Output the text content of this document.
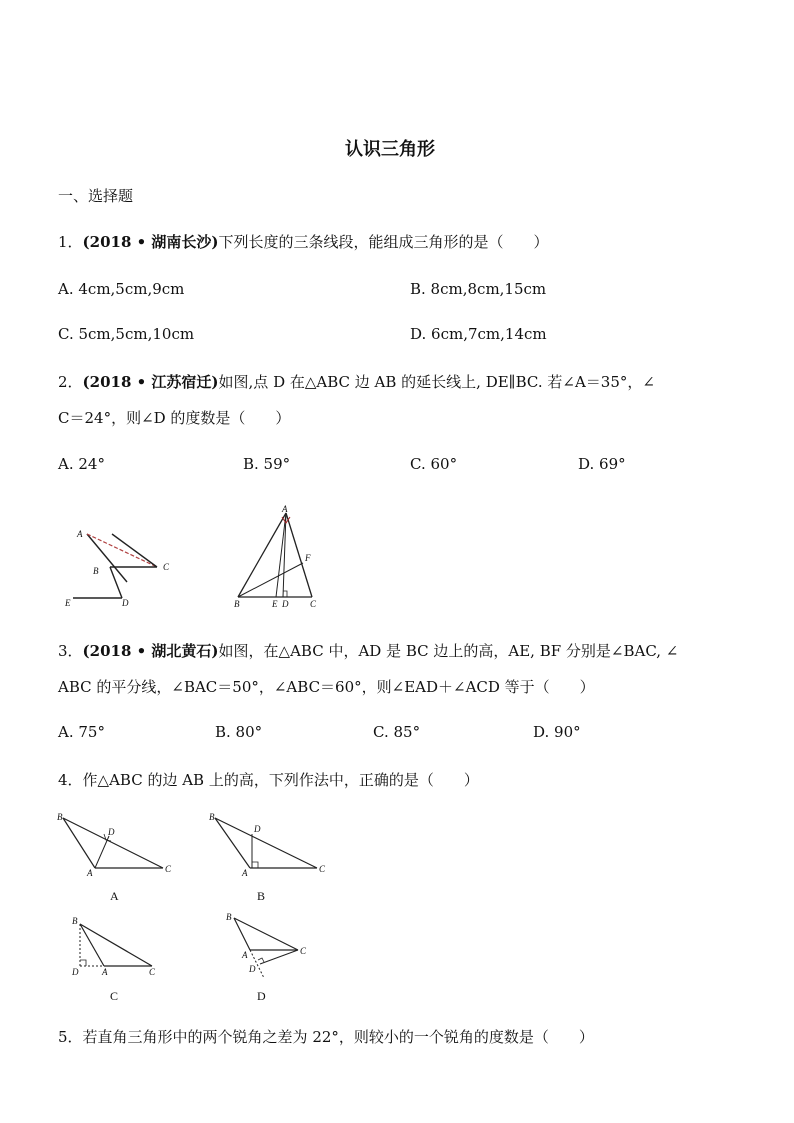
认识三角形
一、选择题
1．(2018 • 湖南长沙)下列长度的三条线段，能组成三角形的是（　　）
A. 4cm,5cm,9cm	B. 8cm,8cm,15cm
C. 5cm,5cm,10cm	D. 6cm,7cm,14cm
2．(2018 • 江苏宿迁)如图,点 D 在△ABC 边 AB 的延长线上, DE∥BC. 若∠A＝35°，∠
C＝24°，则∠D 的度数是（　　）
A. 24°	B. 59°	C. 60°	D. 69°
A
B	C
E	D
A
B	C
E D
F
3．(2018 • 湖北黄石)如图，在△ABC 中，AD 是 BC 边上的高，AE, BF 分别是∠BAC, ∠
ABC 的平分线，∠BAC＝50°，∠ABC＝60°，则∠EAD＋∠ACD 等于（　　）
A. 75°	B. 80°	C. 85°	D. 90°
4．作△ABC 的边 AB 上的高，下列作法中，正确的是（　　）
B
D
A	C
A
B
D
A	C
B
B
D	A	C
C
B
A	C
D
D
5．若直角三角形中的两个锐角之差为 22°，则较小的一个锐角的度数是（　　）
